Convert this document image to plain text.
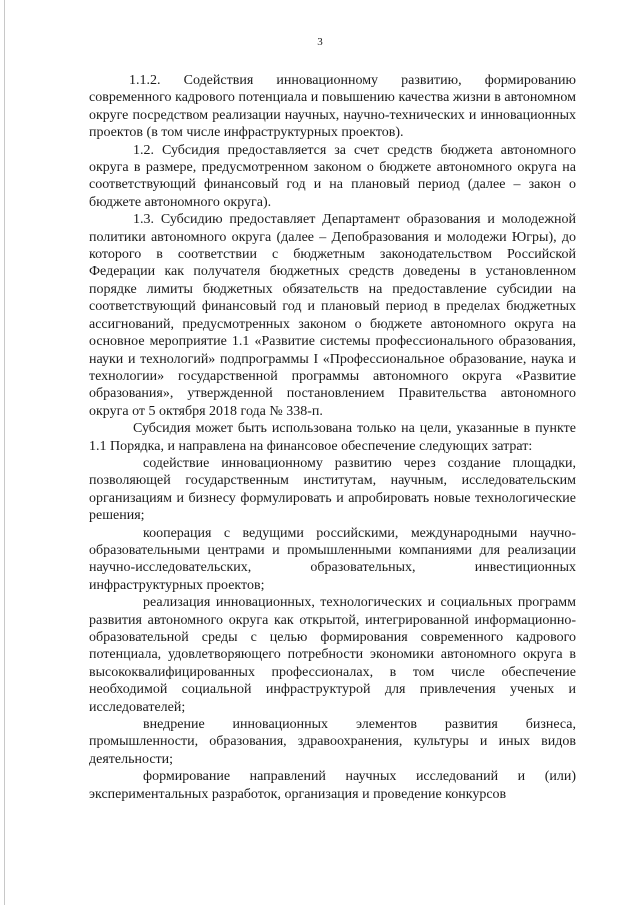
3

1.1.2. Содействия инновационному развитию, формированию современного кадрового потенциала и повышению качества жизни в автономном округе посредством реализации научных, научно-технических и инновационных проектов (в том числе инфраструктурных проектов).

1.2. Субсидия предоставляется за счет средств бюджета автономного округа в размере, предусмотренном законом о бюджете автономного округа на соответствующий финансовый год и на плановый период (далее – закон о бюджете автономного округа).

1.3. Субсидию предоставляет Департамент образования и молодежной политики автономного округа (далее – Депобразования и молодежи Югры), до которого в соответствии с бюджетным законодательством Российской Федерации как получателя бюджетных средств доведены в установленном порядке лимиты бюджетных обязательств на предоставление субсидии на соответствующий финансовый год и плановый период в пределах бюджетных ассигнований, предусмотренных законом о бюджете автономного округа на основное мероприятие 1.1 «Развитие системы профессионального образования, науки и технологий» подпрограммы I «Профессиональное образование, наука и технологии» государственной программы автономного округа «Развитие образования», утвержденной постановлением Правительства автономного округа от 5 октября 2018 года № 338-п.

Субсидия может быть использована только на цели, указанные в пункте 1.1 Порядка, и направлена на финансовое обеспечение следующих затрат:

содействие инновационному развитию через создание площадки, позволяющей государственным институтам, научным, исследовательским организациям и бизнесу формулировать и апробировать новые технологические решения;

кооперация с ведущими российскими, международными научно-образовательными центрами и промышленными компаниями для реализации научно-исследовательских, образовательных, инвестиционных инфраструктурных проектов;

реализация инновационных, технологических и социальных программ развития автономного округа как открытой, интегрированной информационно-образовательной среды с целью формирования современного кадрового потенциала, удовлетворяющего потребности экономики автономного округа в высококвалифицированных профессионалах, в том числе обеспечение необходимой социальной инфраструктурой для привлечения ученых и исследователей;

внедрение инновационных элементов развития бизнеса, промышленности, образования, здравоохранения, культуры и иных видов деятельности;

формирование направлений научных исследований и (или) экспериментальных разработок, организация и проведение конкурсов
